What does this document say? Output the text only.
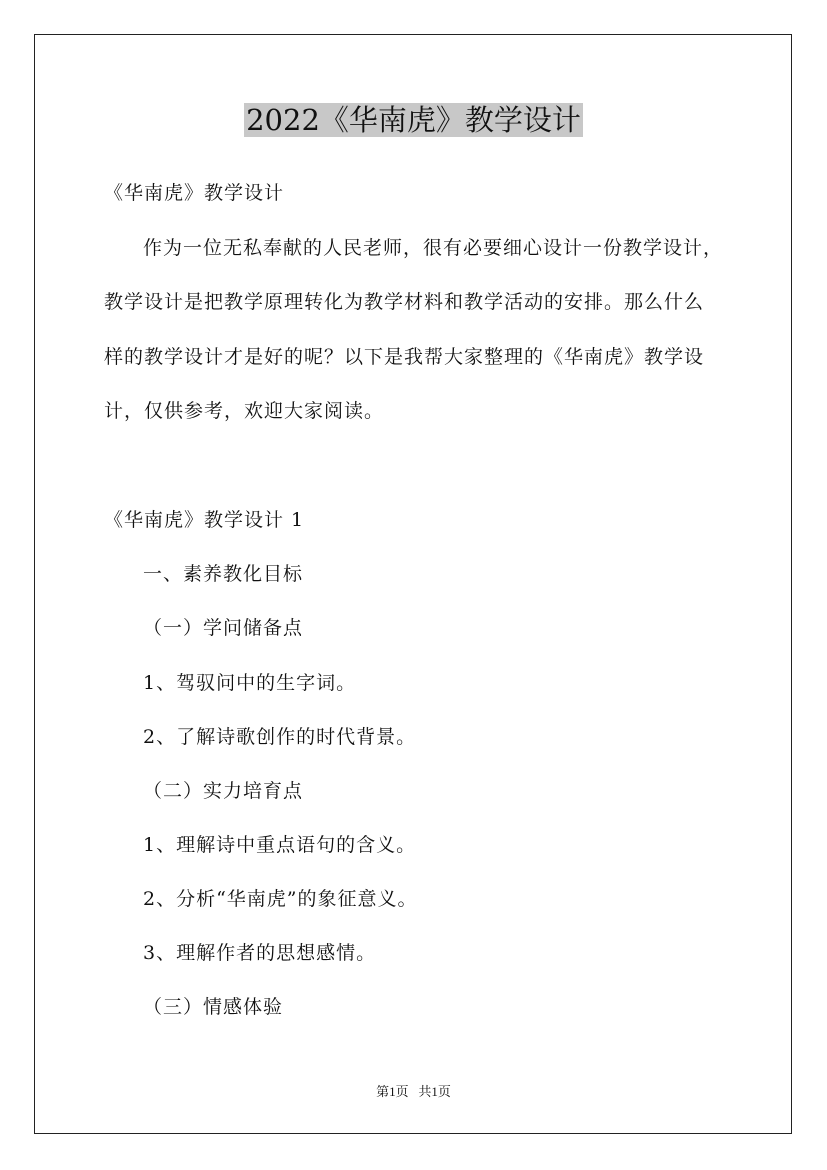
2022《华南虎》教学设计
《华南虎》教学设计
作为一位无私奉献的人民老师，很有必要细心设计一份教学设计，
教学设计是把教学原理转化为教学材料和教学活动的安排。那么什么
样的教学设计才是好的呢？以下是我帮大家整理的《华南虎》教学设
计，仅供参考，欢迎大家阅读。
《华南虎》教学设计 1
一、素养教化目标
（一）学问储备点
1、驾驭问中的生字词。
2、了解诗歌创作的时代背景。
（二）实力培育点
1、理解诗中重点语句的含义。
2、分析“华南虎”的象征意义。
3、理解作者的思想感情。
（三）情感体验
第1页 共1页
